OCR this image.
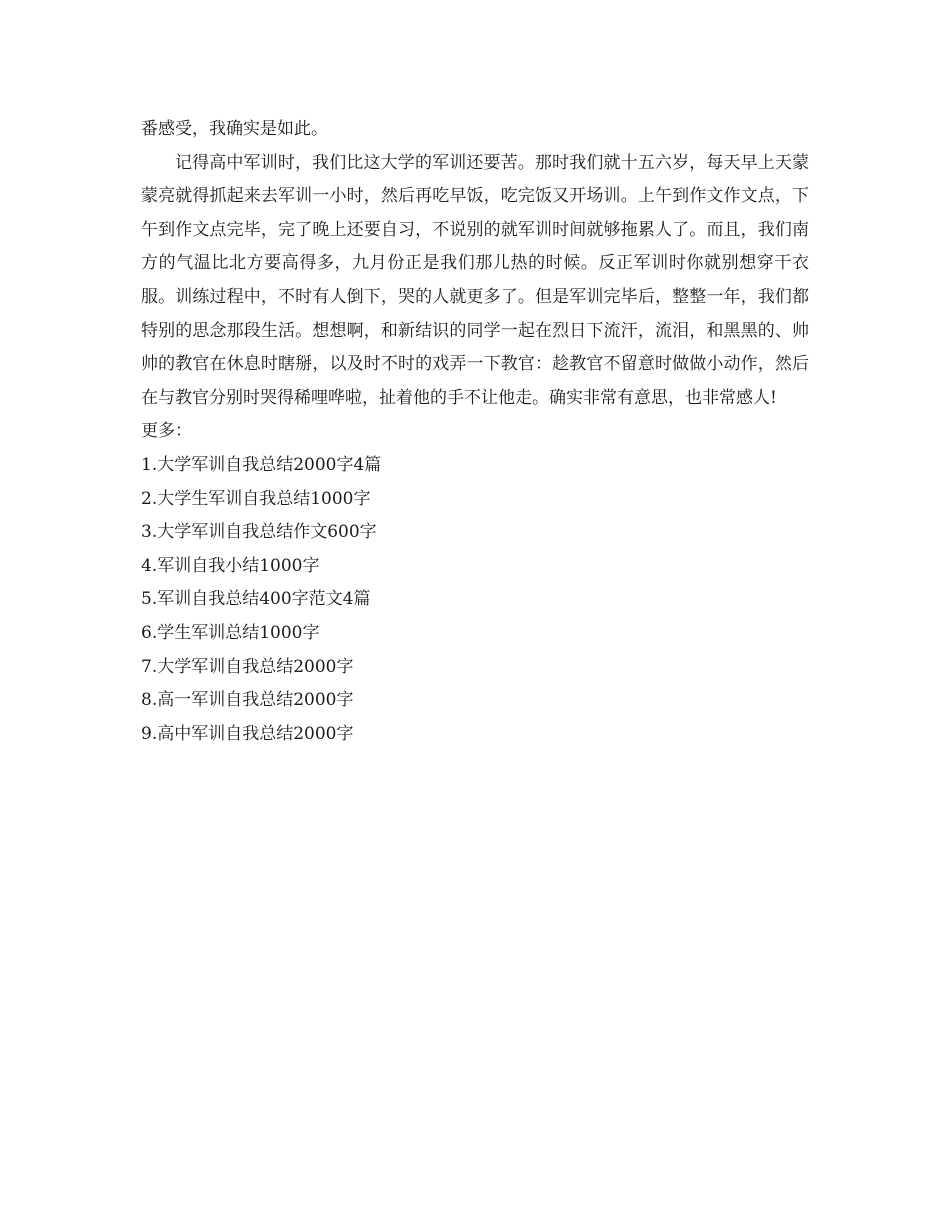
番感受，我确实是如此。

记得高中军训时，我们比这大学的军训还要苦。那时我们就十五六岁，每天早上天蒙蒙亮就得抓起来去军训一小时，然后再吃早饭，吃完饭又开场训。上午到作文作文点，下午到作文点完毕，完了晚上还要自习，不说别的就军训时间就够拖累人了。而且，我们南方的气温比北方要高得多，九月份正是我们那儿热的时候。反正军训时你就别想穿干衣服。训练过程中，不时有人倒下，哭的人就更多了。但是军训完毕后，整整一年，我们都特别的思念那段生活。想想啊，和新结识的同学一起在烈日下流汗，流泪，和黑黑的、帅帅的教官在休息时瞎掰，以及时不时的戏弄一下教官：趁教官不留意时做做小动作，然后在与教官分别时哭得稀哩哗啦，扯着他的手不让他走。确实非常有意思，也非常感人!

更多：

1.大学军训自我总结2000字4篇
2.大学生军训自我总结1000字
3.大学军训自我总结作文600字
4.军训自我小结1000字
5.军训自我总结400字范文4篇
6.学生军训总结1000字
7.大学军训自我总结2000字
8.高一军训自我总结2000字
9.高中军训自我总结2000字
